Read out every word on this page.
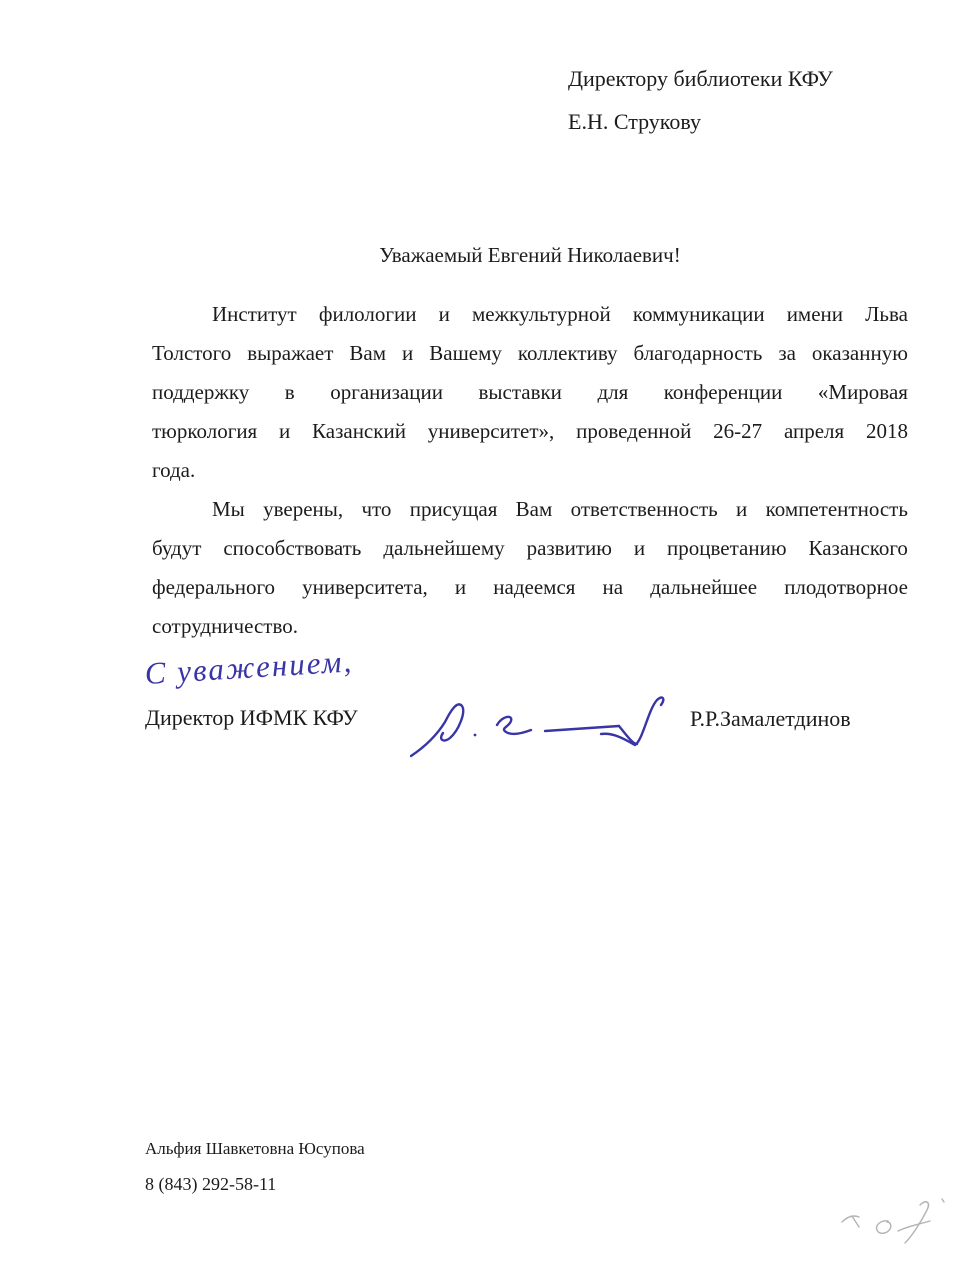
Директору библиотеки КФУ
Е.Н. Струкову
Уважаемый Евгений Николаевич!
Институт филологии и межкультурной коммуникации имени Льва
Толстого выражает Вам и Вашему коллективу благодарность за оказанную
поддержку в организации выставки для конференции «Мировая
тюркология и Казанский университет», проведенной 26-27 апреля 2018
года.
Мы уверены, что присущая Вам ответственность и компетентность
будут способствовать дальнейшему развитию и процветанию Казанского
федерального университета, и надеемся на дальнейшее плодотворное
сотрудничество.
С уважением,
Директор ИФМК КФУ	Р.Р.Замалетдинов
Альфия Шавкетовна Юсупова
8 (843) 292-58-11
